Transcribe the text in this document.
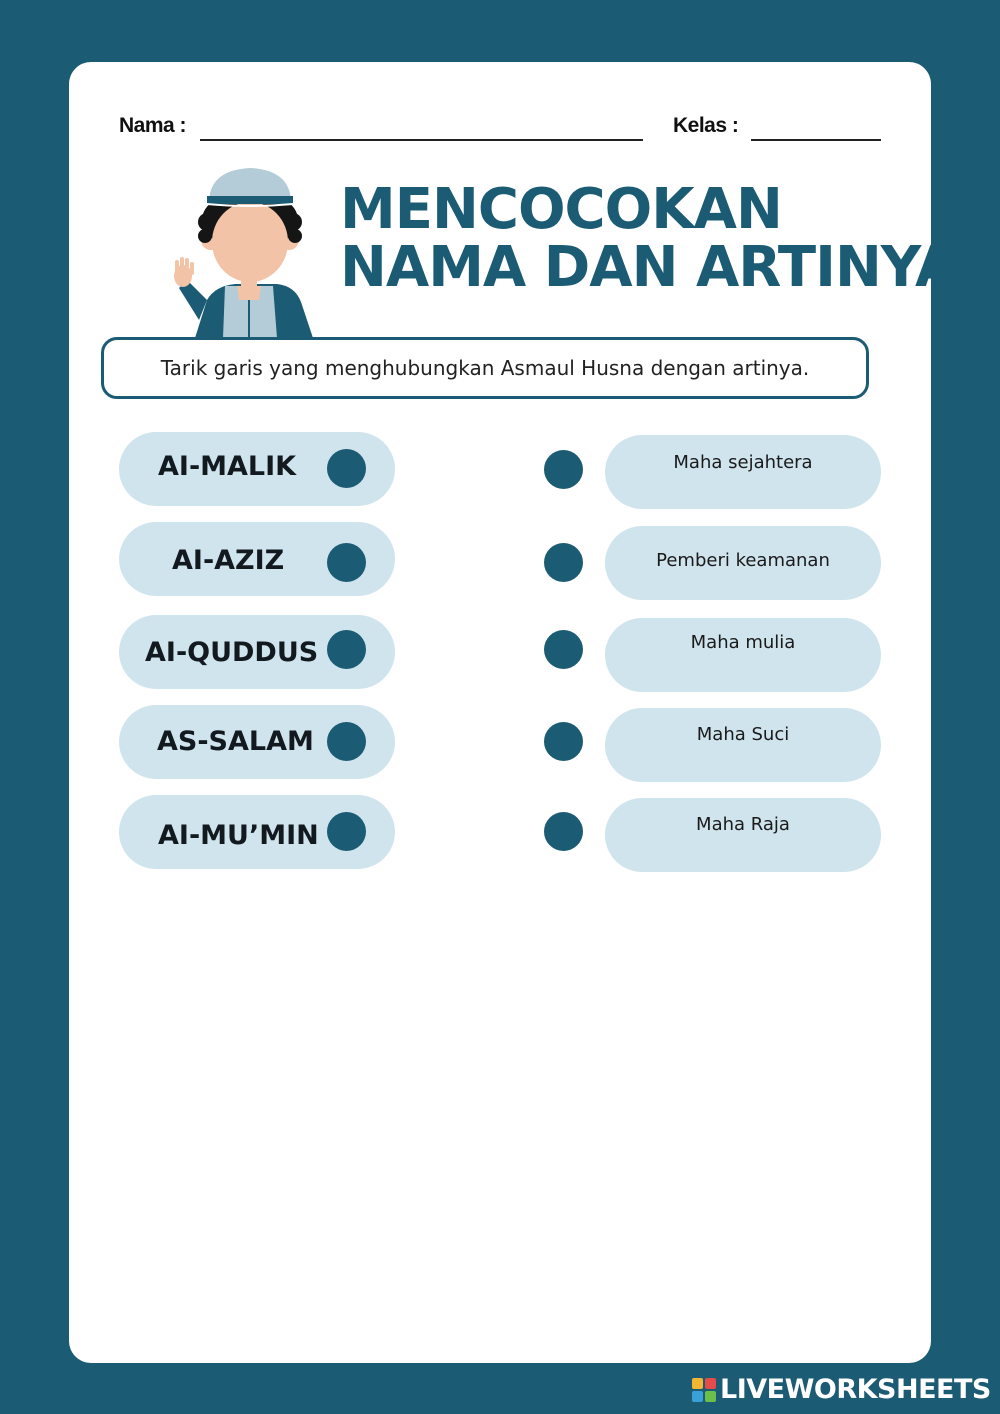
Nama :	Kelas :
MENCOCOKAN
NAMA DAN ARTINYA
Tarik garis yang menghubungkan Asmaul Husna dengan artinya.
AI-MALIK
AI-AZIZ
AI-QUDDUS
AS-SALAM
AI-MU’MIN
Maha sejahtera
Pemberi keamanan
Maha mulia
Maha Suci
Maha Raja
LIVEWORKSHEETS
